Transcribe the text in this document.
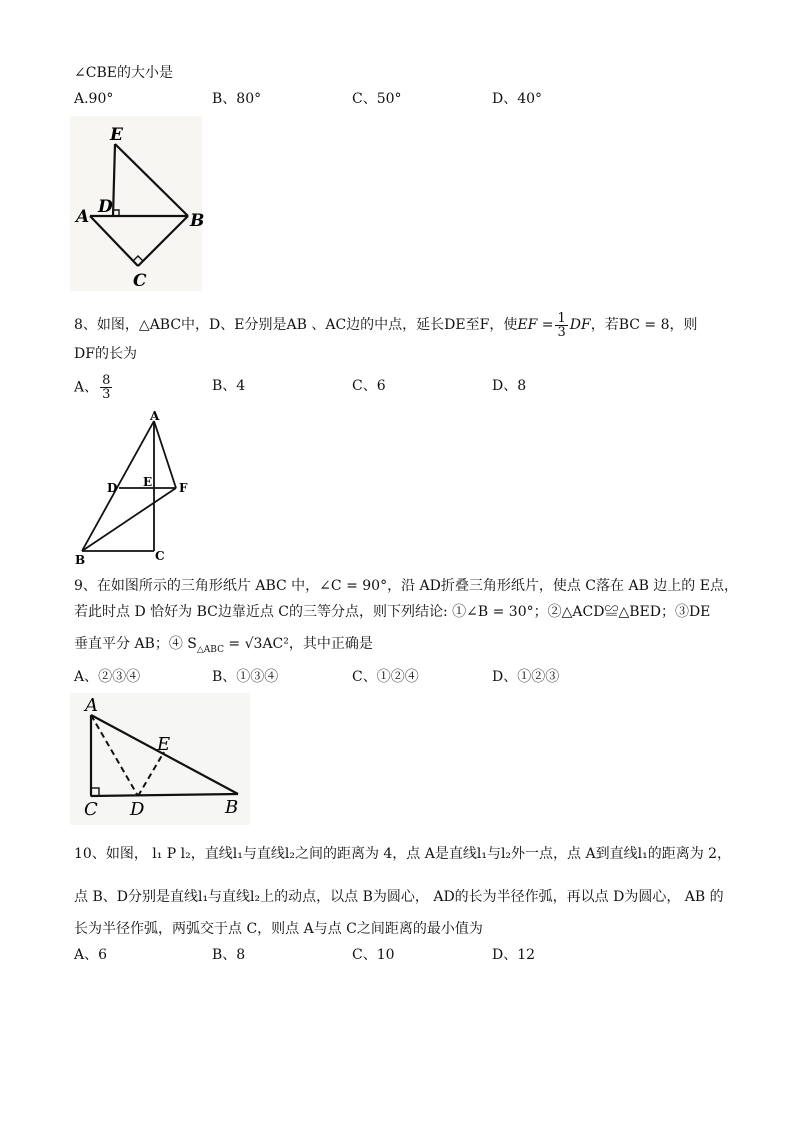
∠CBE的大小是
A.90°	B、80°	C、50°	D、40°
E
D
A	B
C
8、如图，△ABC中，D、E分别是AB 、AC边的中点，延长DE至F，使EF = $\frac{1}{3}$ DF，若BC = 8，则
DF的长为
A、 $\frac{8}{3}$	B、4	C、6	D、8
A
D E F
B	C
9、在如图所示的三角形纸片 ABC 中，∠C = 90°，沿 AD折叠三角形纸片，使点 C落在 AB 边上的 E点，
若此时点 D 恰好为 BC边靠近点 C的三等分点，则下列结论: ①∠B = 30°；②△ACD≌△BED；③DE
垂直平分 AB；④ $S_{\triangle ABC} = √3AC^2$，其中正确是
A、②③④	B、①③④	C、①②④	D、①②③
A
E
C D	B
10、如图， l₁ P l₂，直线l₁与直线l₂之间的距离为 4，点 A是直线l₁与l₂外一点，点 A到直线l₁的距离为 2，
点 B、D分别是直线l₁与直线l₂上的动点，以点 B为圆心， AD的长为半径作弧，再以点 D为圆心， AB 的
长为半径作弧，两弧交于点 C，则点 A与点 C之间距离的最小值为
A、6	B、8	C、10	D、12
